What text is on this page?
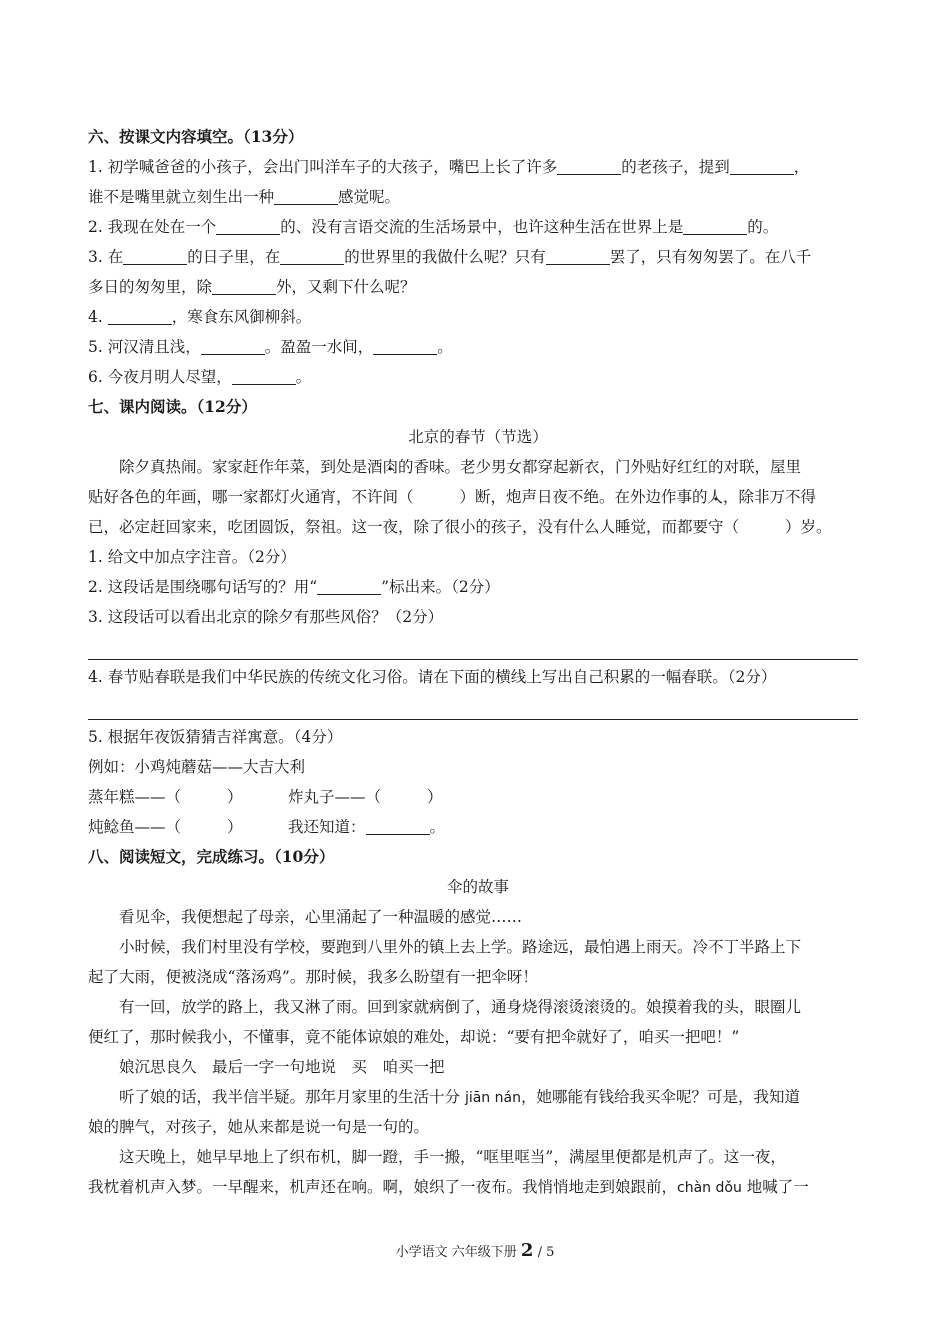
六、按课文内容填空。（13分）

1. 初学喊爸爸的小孩子，会出门叫洋车子的大孩子，嘴巴上长了许多	的老孩子，提到	，

谁不是嘴里就立刻生出一种	感觉呢。

2. 我现在处在一个	的、没有言语交流的生活场景中，也许这种生活在世界上是	的。

3. 在	的日子里，在	的世界里的我做什么呢？只有	罢了，只有匆匆罢了。在八千

多日的匆匆里，除	外，又剩下什么呢？

4.	，寒食东风御柳斜。

5. 河汉清且浅，	。盈盈一水间，	。

6. 今夜月明人尽望，	。

七、课内阅读。（12分）

北京的春节（节选）

除夕真热闹。家家赶作年菜，到处是酒肉的香味。老少男女都穿起新衣，门外贴好红红的对联，屋里

贴好各色的年画，哪一家都灯火通宵，不许间（	）断，炮声日夜不绝。在外边作事的人，除非万不得

已，必定赶回家来，吃团圆饭，祭祖。这一夜，除了很小的孩子，没有什么人睡觉，而都要守（	）岁。

1. 给文中加点字注音。（2分）

2. 这段话是围绕哪句话写的？用“	”标出来。（2分）

3. 这段话可以看出北京的除夕有那些风俗？（2分）

4. 春节贴春联是我们中华民族的传统文化习俗。请在下面的横线上写出自己积累的一幅春联。（2分）

5. 根据年夜饭猜猜吉祥寓意。（4分）

例如：小鸡炖蘑菇——大吉大利

蒸年糕——（	）	炸丸子——（	）

炖鲶鱼——（	）	我还知道：	。

八、阅读短文，完成练习。（10分）

伞的故事

看见伞，我便想起了母亲，心里涌起了一种温暖的感觉……

小时候，我们村里没有学校，要跑到八里外的镇上去上学。路途远，最怕遇上雨天。冷不丁半路上下

起了大雨，便被浇成“落汤鸡”。那时候，我多么盼望有一把伞呀！

有一回，放学的路上，我又淋了雨。回到家就病倒了，通身烧得滚烫滚烫的。娘摸着我的头，眼圈儿

便红了，那时候我小，不懂事，竟不能体谅娘的难处，却说：“要有把伞就好了，咱买一把吧！”

娘沉思良久　最后一字一句地说　买　咱买一把

听了娘的话，我半信半疑。那年月家里的生活十分 jiān nán，她哪能有钱给我买伞呢？可是，我知道

娘的脾气，对孩子，她从来都是说一句是一句的。

这天晚上，她早早地上了织布机，脚一蹬，手一搬，“哐里哐当”，满屋里便都是机声了。这一夜，

我枕着机声入梦。一早醒来，机声还在响。啊，娘织了一夜布。我悄悄地走到娘跟前，chàn dǒu 地喊了一

小学语文 六年级下册 2 / 5
